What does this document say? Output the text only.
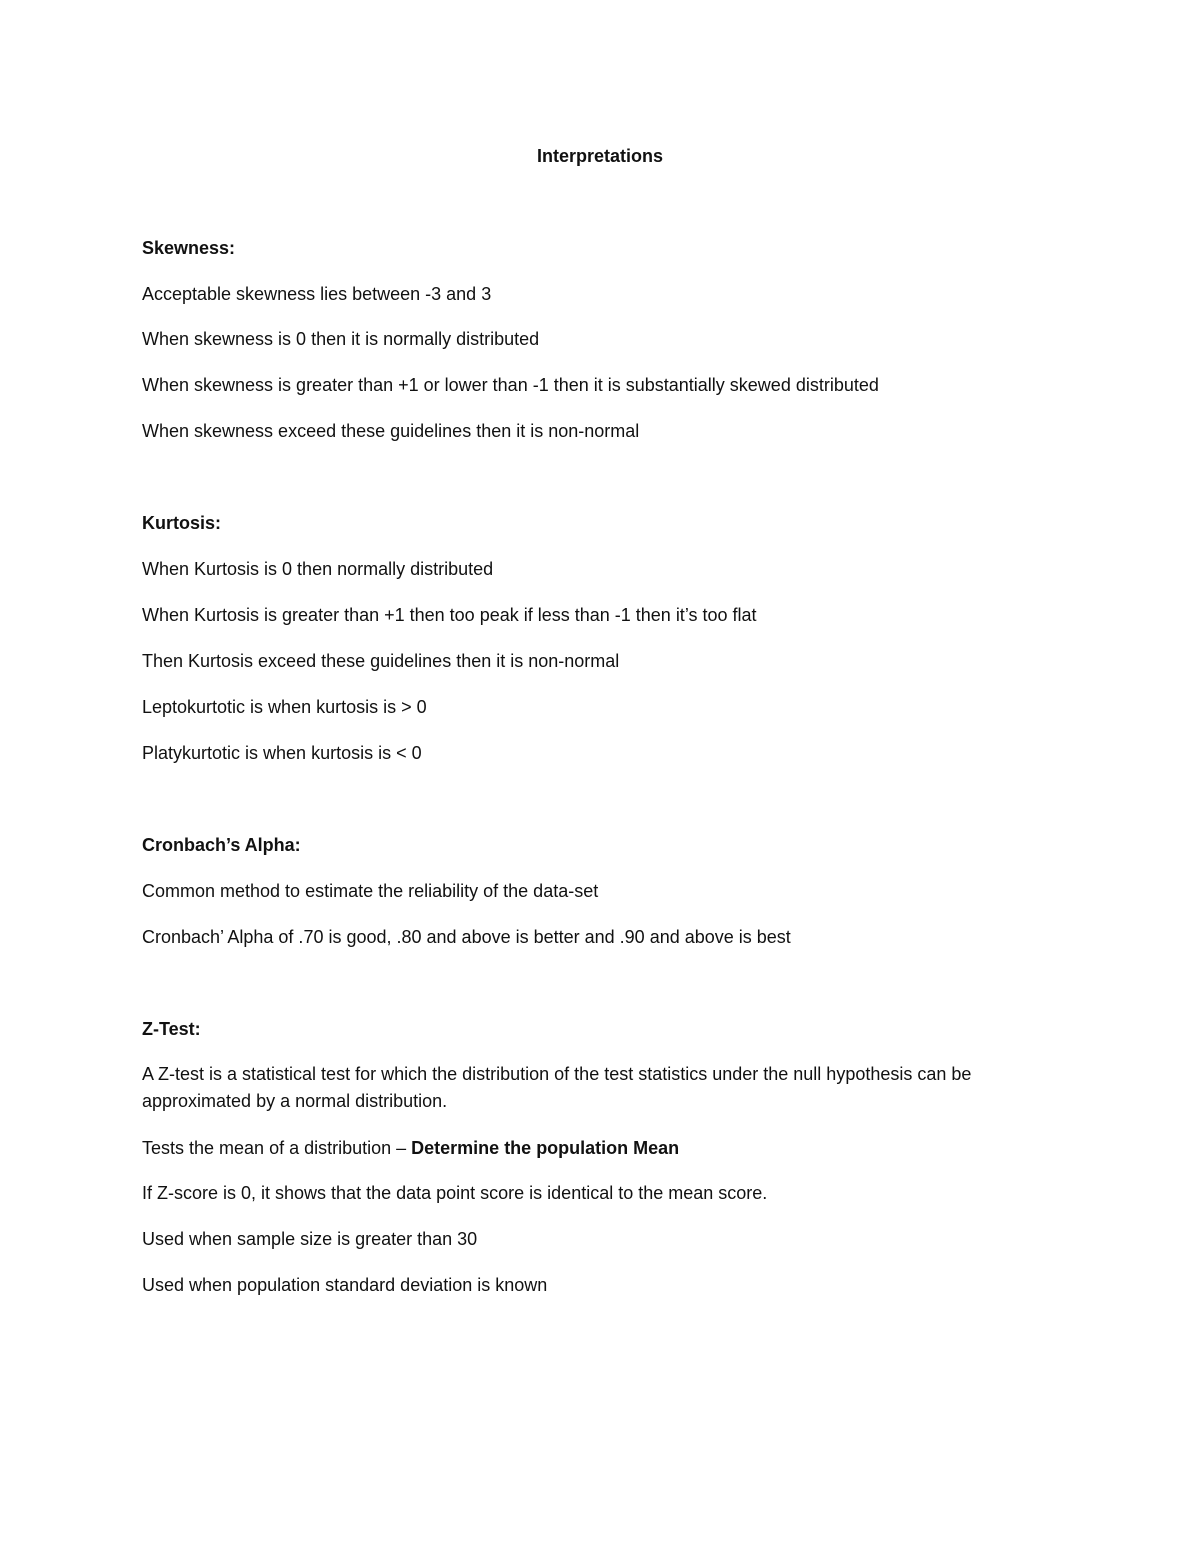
Interpretations
Skewness:
Acceptable skewness lies between -3 and 3
When skewness is 0 then it is normally distributed
When skewness is greater than +1 or lower than -1 then it is substantially skewed distributed
When skewness exceed these guidelines then it is non-normal
Kurtosis:
When Kurtosis is 0 then normally distributed
When Kurtosis is greater than +1 then too peak if less than -1 then it’s too flat
Then Kurtosis exceed these guidelines then it is non-normal
Leptokurtotic is when kurtosis is > 0
Platykurtotic is when kurtosis is < 0
Cronbach’s Alpha:
Common method to estimate the reliability of the data-set
Cronbach’ Alpha of .70 is good, .80 and above is better and .90 and above is best
Z-Test:
A Z-test is a statistical test for which the distribution of the test statistics under the null hypothesis can be approximated by a normal distribution.
Tests the mean of a distribution – Determine the population Mean
If Z-score is 0, it shows that the data point score is identical to the mean score.
Used when sample size is greater than 30
Used when population standard deviation is known
